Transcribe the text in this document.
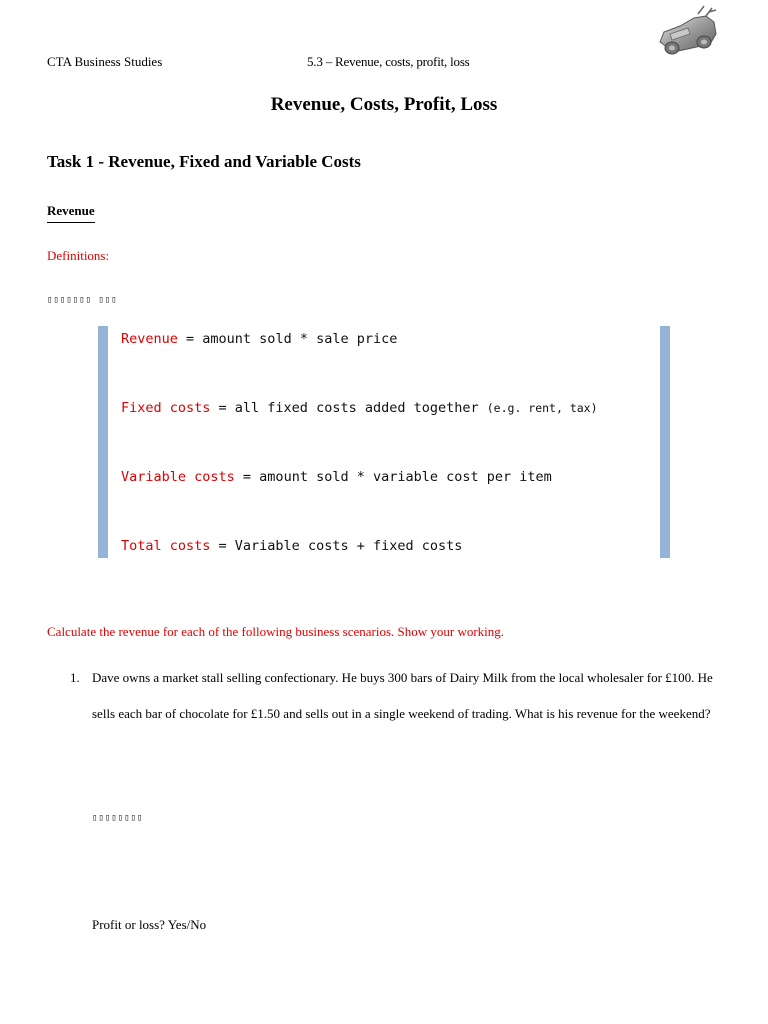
CTA Business Studies	5.3 – Revenue, costs, profit, loss
Revenue, Costs, Profit, Loss
Task 1 - Revenue, Fixed and Variable Costs
Revenue
Definitions:
▯▯▯▯▯▯▯ ▯▯▯
Revenue = amount sold * sale price
Fixed costs = all fixed costs added together (e.g. rent, tax)
Variable costs = amount sold * variable cost per item
Total costs = Variable costs + fixed costs
Calculate the revenue for each of the following business scenarios. Show your working.
1. Dave owns a market stall selling confectionary. He buys 300 bars of Dairy Milk from the local wholesaler for £100. He sells each bar of chocolate for £1.50 and sells out in a single weekend of trading. What is his revenue for the weekend?
▯▯▯▯▯▯▯▯
Profit or loss? Yes/No
